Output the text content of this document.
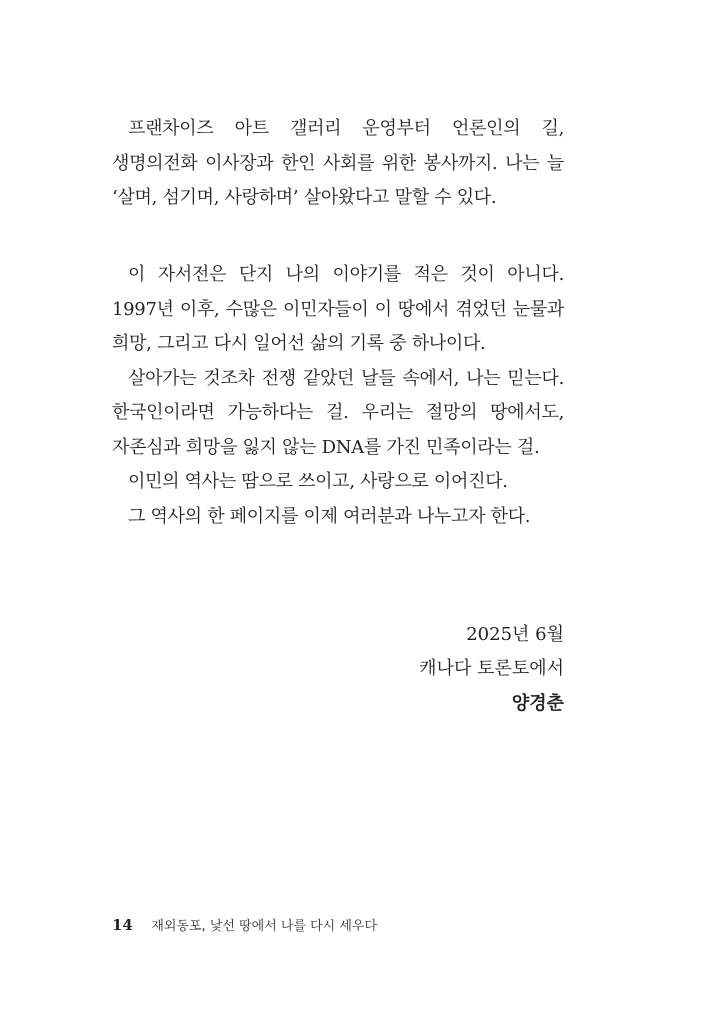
프랜차이즈 아트 갤러리 운영부터 언론인의 길, 생명의전화 이사장과 한인 사회를 위한 봉사까지. 나는 늘 ‘살며, 섬기며, 사랑하며’ 살아왔다고 말할 수 있다.

이 자서전은 단지 나의 이야기를 적은 것이 아니다. 1997년 이후, 수많은 이민자들이 이 땅에서 겪었던 눈물과 희망, 그리고 다시 일어선 삶의 기록 중 하나이다.

살아가는 것조차 전쟁 같았던 날들 속에서, 나는 믿는다. 한국인이라면 가능하다는 걸. 우리는 절망의 땅에서도, 자존심과 희망을 잃지 않는 DNA를 가진 민족이라는 걸.

이민의 역사는 땀으로 쓰이고, 사랑으로 이어진다.

그 역사의 한 페이지를 이제 여러분과 나누고자 한다.

2025년 6월
캐나다 토론토에서
양경춘
14 재외동포, 낯선 땅에서 나를 다시 세우다
